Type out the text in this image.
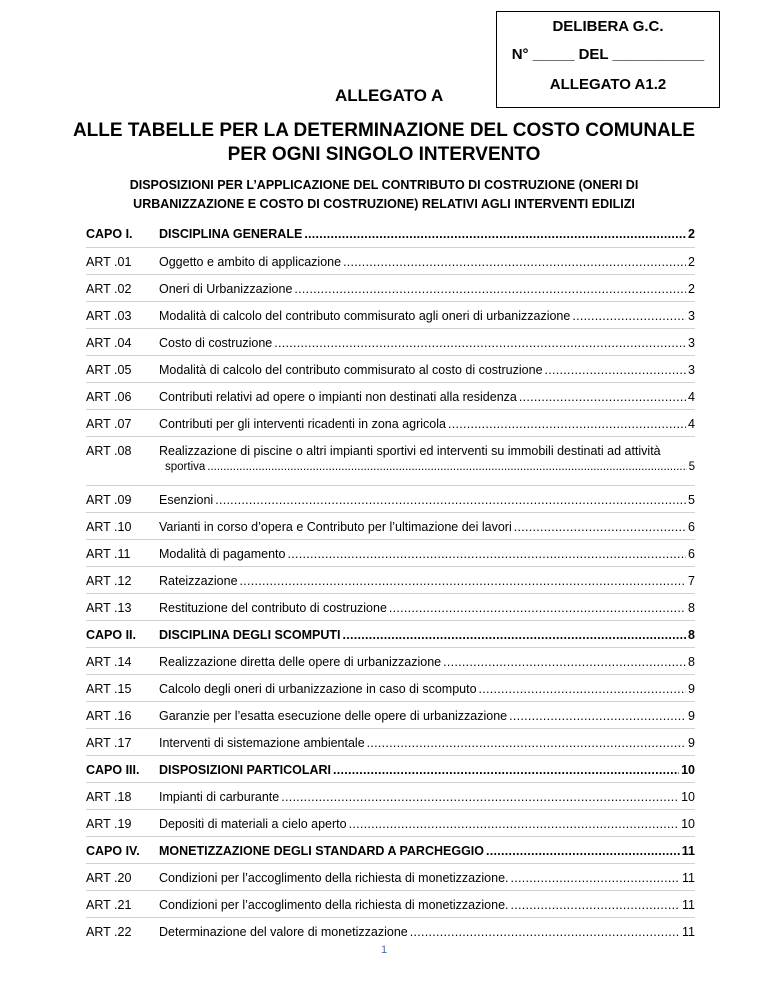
DELIBERA G.C.
N° _____ DEL ___________
ALLEGATO A1.2
ALLEGATO A
ALLE TABELLE PER LA DETERMINAZIONE DEL COSTO COMUNALE PER OGNI SINGOLO INTERVENTO
DISPOSIZIONI PER L’APPLICAZIONE DEL CONTRIBUTO DI COSTRUZIONE (ONERI DI URBANIZZAZIONE E COSTO DI COSTRUZIONE) RELATIVI AGLI INTERVENTI EDILIZI
CAPO I. DISCIPLINA GENERALE . . .	2
ART .01 Oggetto e ambito di applicazione . . .	2
ART .02 Oneri di Urbanizzazione . . .	2
ART .03 Modalità di calcolo del contributo commisurato agli oneri di urbanizzazione . . .	3
ART .04 Costo di costruzione . . .	3
ART .05 Modalità di calcolo del contributo commisurato al costo di costruzione . . .	3
ART .06 Contributi relativi ad opere o impianti non destinati alla residenza . . .	4
ART .07 Contributi per gli interventi ricadenti in zona agricola . . .	4
ART .08 Realizzazione di piscine o altri impianti sportivi ed interventi su immobili destinati ad attività
sportiva . . .	5
ART .09 Esenzioni . . .	5
ART .10 Varianti in corso d’opera e Contributo per l’ultimazione dei lavori . . .	6
ART .11 Modalità di pagamento . . .	6
ART .12 Rateizzazione . . .	7
ART .13 Restituzione del contributo di costruzione . . .	8
CAPO II. DISCIPLINA DEGLI SCOMPUTI . . .	8
ART .14 Realizzazione diretta delle opere di urbanizzazione . . .	8
ART .15 Calcolo degli oneri di urbanizzazione in caso di scomputo . . .	9
ART .16 Garanzie per l’esatta esecuzione delle opere di urbanizzazione . . .	9
ART .17 Interventi di sistemazione ambientale . . .	9
CAPO III. DISPOSIZIONI PARTICOLARI . . .	10
ART .18 Impianti di carburante . . .	10
ART .19 Depositi di materiali a cielo aperto . . .	10
CAPO IV. MONETIZZAZIONE DEGLI STANDARD A PARCHEGGIO . . .	11
ART .20 Condizioni per l’accoglimento della richiesta di monetizzazione. . . .	11
ART .21 Condizioni per l’accoglimento della richiesta di monetizzazione. . . .	11
ART .22 Determinazione del valore di monetizzazione . . .	11
1
